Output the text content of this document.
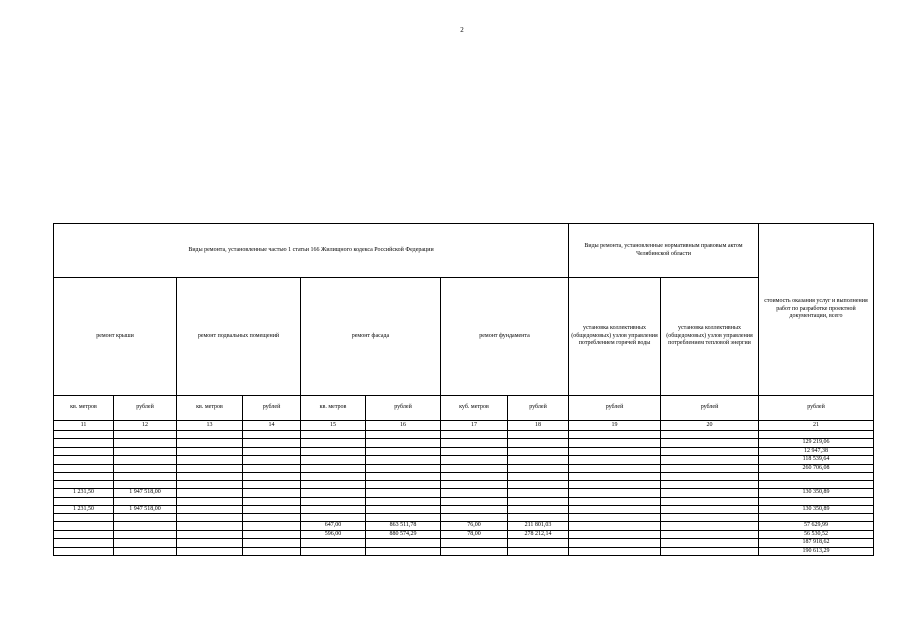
2
Виды ремонта, установленные частью 1 статьи 166 Жилищного кодекса Российской Федерации								Виды ремонта, установленные нормативным правовым актом Челябинской области		стоимость оказания услуг и выполнения работ по разработке проектной документации, всего
ремонт крыши		ремонт подвальных помещений		ремонт фасада		ремонт фундамента		установка коллективных (общедомовых) узлов управления потреблением горячей воды	установка коллективных (общедомовых) узлов управления потреблением тепловой энергии	
кв. метров	рублей	кв. метров	рублей	кв. метров	рублей	куб. метров	рублей	рублей	рублей	рублей
11	12	13	14	15	16	17	18	19	20	21

										129 219,06
										12 947,38
										118 539,64
										260 706,08

1 231,50	1 947 518,00									130 350,89

1 231,50	1 947 518,00									130 350,89

				647,00	863 511,78	76,00	211 801,03			57 629,99
				596,00	880 574,29	78,00	278 212,14			56 530,52
										187 918,62
										190 613,29
